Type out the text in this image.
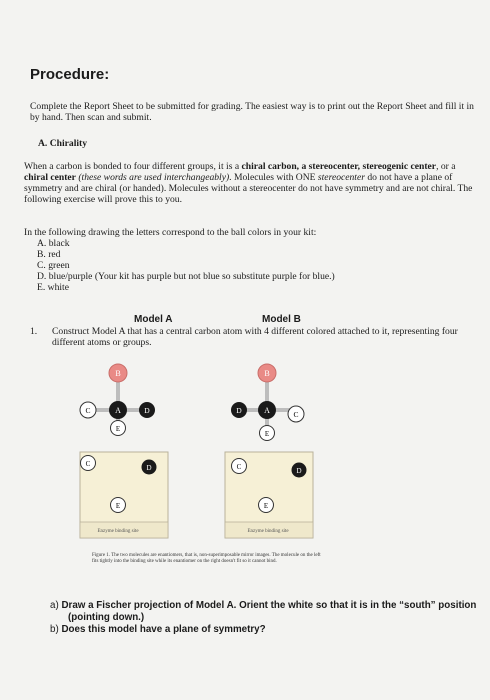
Procedure:
Complete the Report Sheet to be submitted for grading. The easiest way is to print out the Report Sheet and fill it in by hand. Then scan and submit.
A. Chirality
When a carbon is bonded to four different groups, it is a chiral carbon, a stereocenter, stereogenic center, or a chiral center (these words are used interchangeably). Molecules with ONE stereocenter do not have a plane of symmetry and are chiral (or handed). Molecules without a stereocenter do not have symmetry and are not chiral. The following exercise will prove this to you.
In the following drawing the letters correspond to the ball colors in your kit:
A. black
B. red
C. green
D. blue/purple (Your kit has purple but not blue so substitute purple for blue.)
E. white
Model A	Model B
1. Construct Model A that has a central carbon atom with 4 different colored attached to it, representing four different atoms or groups.
B
C	A	D
E
B
D	A	C
E
C	D
E
Enzyme binding site
C	D
E
Enzyme binding site
Figure 1. The two molecules are enantiomers, that is, non-superimposable mirror images. The molecule on the left fits tightly into the binding site while its enantiomer on the right doesn't fit so it cannot bind.
a) Draw a Fischer projection of Model A. Orient the white so that it is in the “south” position (pointing down.)
b) Does this model have a plane of symmetry?
